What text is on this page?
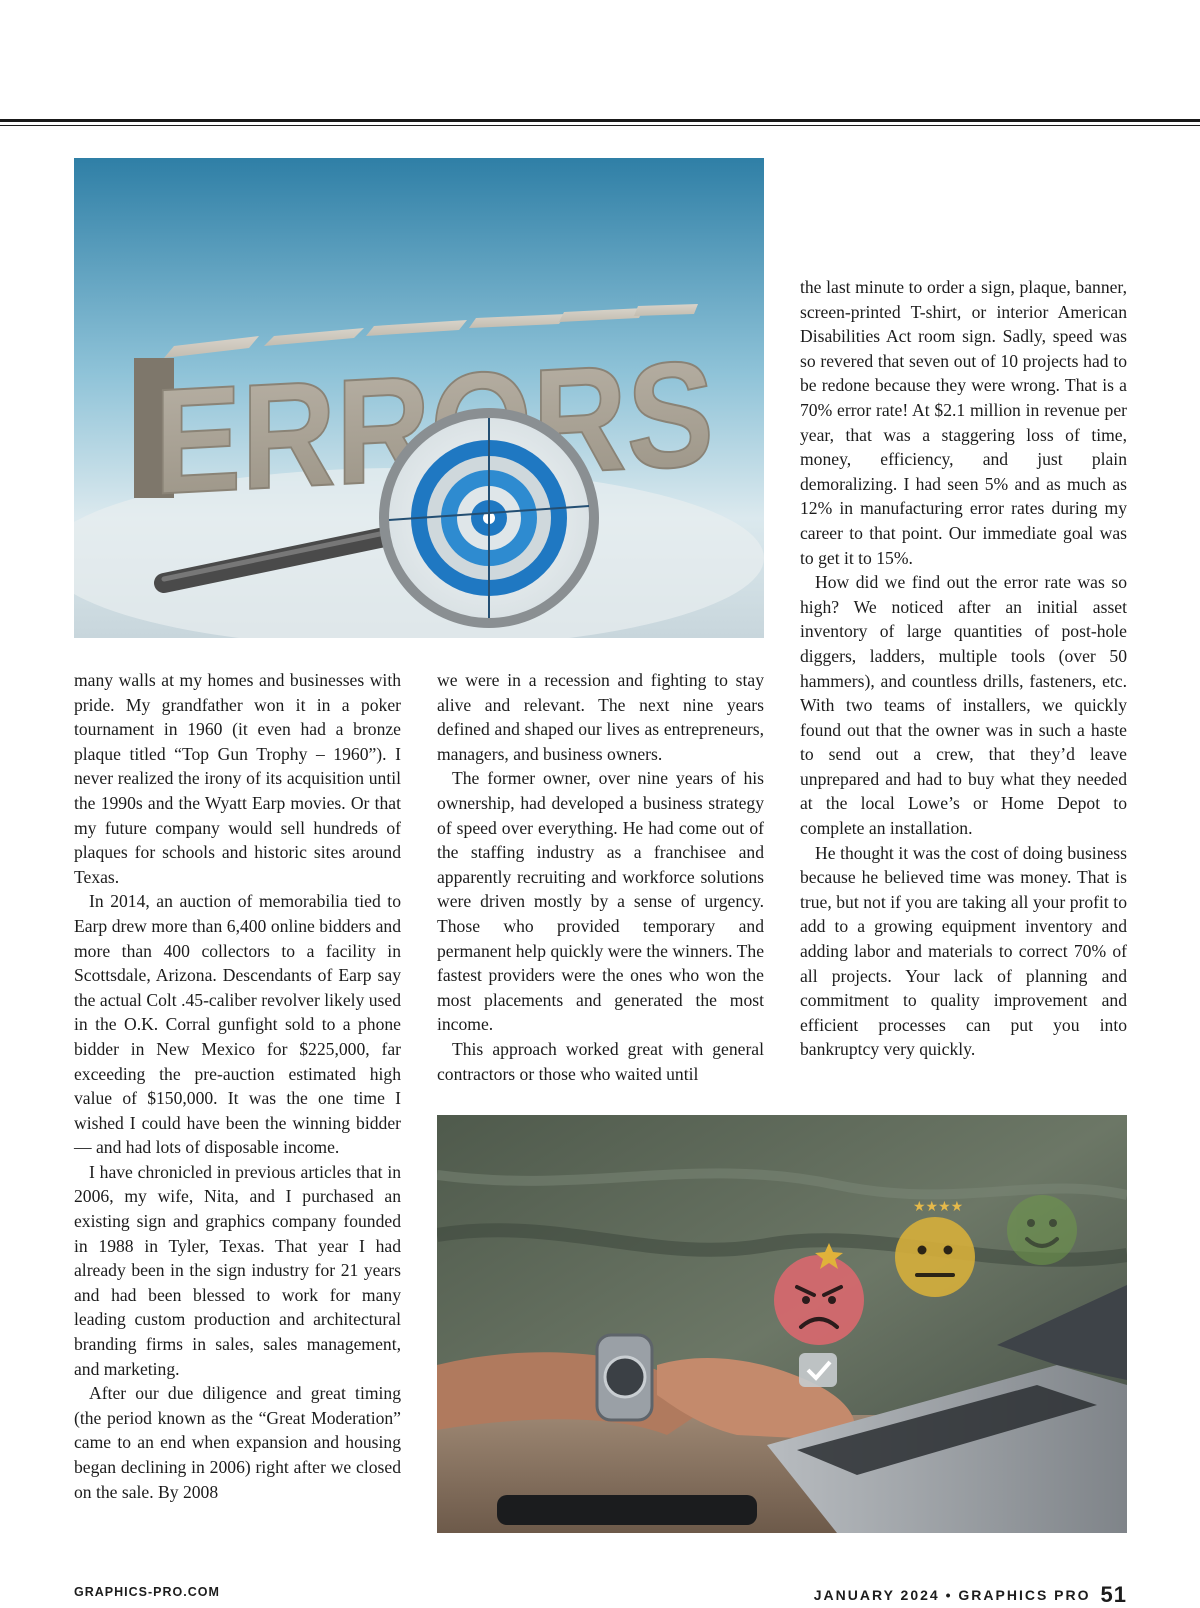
many walls at my homes and businesses with pride. My grandfather won it in a poker tournament in 1960 (it even had a bronze plaque titled “Top Gun Trophy – 1960”). I never realized the irony of its acquisition until the 1990s and the Wyatt Earp movies. Or that my future company would sell hundreds of plaques for schools and historic sites around Texas.

In 2014, an auction of memorabilia tied to Earp drew more than 6,400 online bidders and more than 400 collectors to a facility in Scottsdale, Arizona. Descendants of Earp say the actual Colt .45-caliber revolver likely used in the O.K. Corral gunfight sold to a phone bidder in New Mexico for $225,000, far exceeding the pre-auction estimated high value of $150,000. It was the one time I wished I could have been the winning bidder — and had lots of disposable income.

I have chronicled in previous articles that in 2006, my wife, Nita, and I purchased an existing sign and graphics company founded in 1988 in Tyler, Texas. That year I had already been in the sign industry for 21 years and had been blessed to work for many leading custom production and architectural branding firms in sales, sales management, and marketing.

After our due diligence and great timing (the period known as the “Great Moderation” came to an end when expansion and housing began declining in 2006) right after we closed on the sale. By 2008

we were in a recession and fighting to stay alive and relevant. The next nine years defined and shaped our lives as entrepreneurs, managers, and business owners.

The former owner, over nine years of his ownership, had developed a business strategy of speed over everything. He had come out of the staffing industry as a franchisee and apparently recruiting and workforce solutions were driven mostly by a sense of urgency. Those who provided temporary and permanent help quickly were the winners. The fastest providers were the ones who won the most placements and generated the most income.

This approach worked great with general contractors or those who waited until

the last minute to order a sign, plaque, banner, screen-printed T-shirt, or interior American Disabilities Act room sign. Sadly, speed was so revered that seven out of 10 projects had to be redone because they were wrong. That is a 70% error rate! At $2.1 million in revenue per year, that was a staggering loss of time, money, efficiency, and just plain demoralizing. I had seen 5% and as much as 12% in manufacturing error rates during my career to that point. Our immediate goal was to get it to 15%.

How did we find out the error rate was so high? We noticed after an initial asset inventory of large quantities of post-hole diggers, ladders, multiple tools (over 50 hammers), and countless drills, fasteners, etc. With two teams of installers, we quickly found out that the owner was in such a haste to send out a crew, that they’d leave unprepared and had to buy what they needed at the local Lowe’s or Home Depot to complete an installation.

He thought it was the cost of doing business because he believed time was money. That is true, but not if you are taking all your profit to add to a growing equipment inventory and adding labor and materials to correct 70% of all projects. Your lack of planning and commitment to quality improvement and efficient processes can put you into bankruptcy very quickly.

★★★★
GRAPHICS-PRO.COM	JANUARY 2024 • GRAPHICS PRO 51
